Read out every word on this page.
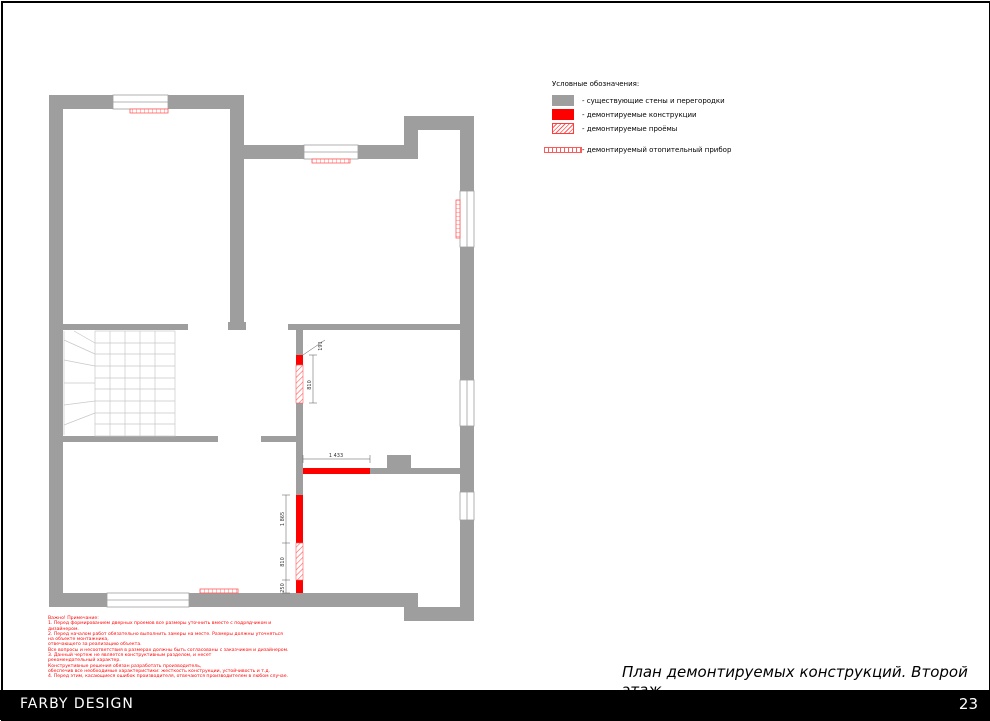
810
191
1 433
1 865
810
250
Условные обозначения:
- существующие стены и перегородки
- демонтируемые конструкции
- демонтируемые проёмы
- демонтируемый отопительный прибор
Важно! Примечание:
1. Перед формированием дверных проемов все размеры уточнить вместе с подрядчиком и
дизайнером.
2. Перед началом работ обязательно выполнить замеры на месте. Размеры должны уточняться
на объекте монтажника,
отвечающего за реализацию объекта.
Все вопросы и несоответствия в размерах должны быть согласованы с заказчиком и дизайнером.
3. Данный чертеж не является конструктивным разделом, и несет
рекомендательный характер.
Конструктивные решения обязан разработать производитель,
обеспечив все необходимые характеристики: жесткость конструкции, устойчивость и т.д.
4. Перед этим, касающиеся ошибок производителя, отвечаются производителем в любом случае.	План демонтируемых конструкций. Второй
FARBY DESIGN	23
